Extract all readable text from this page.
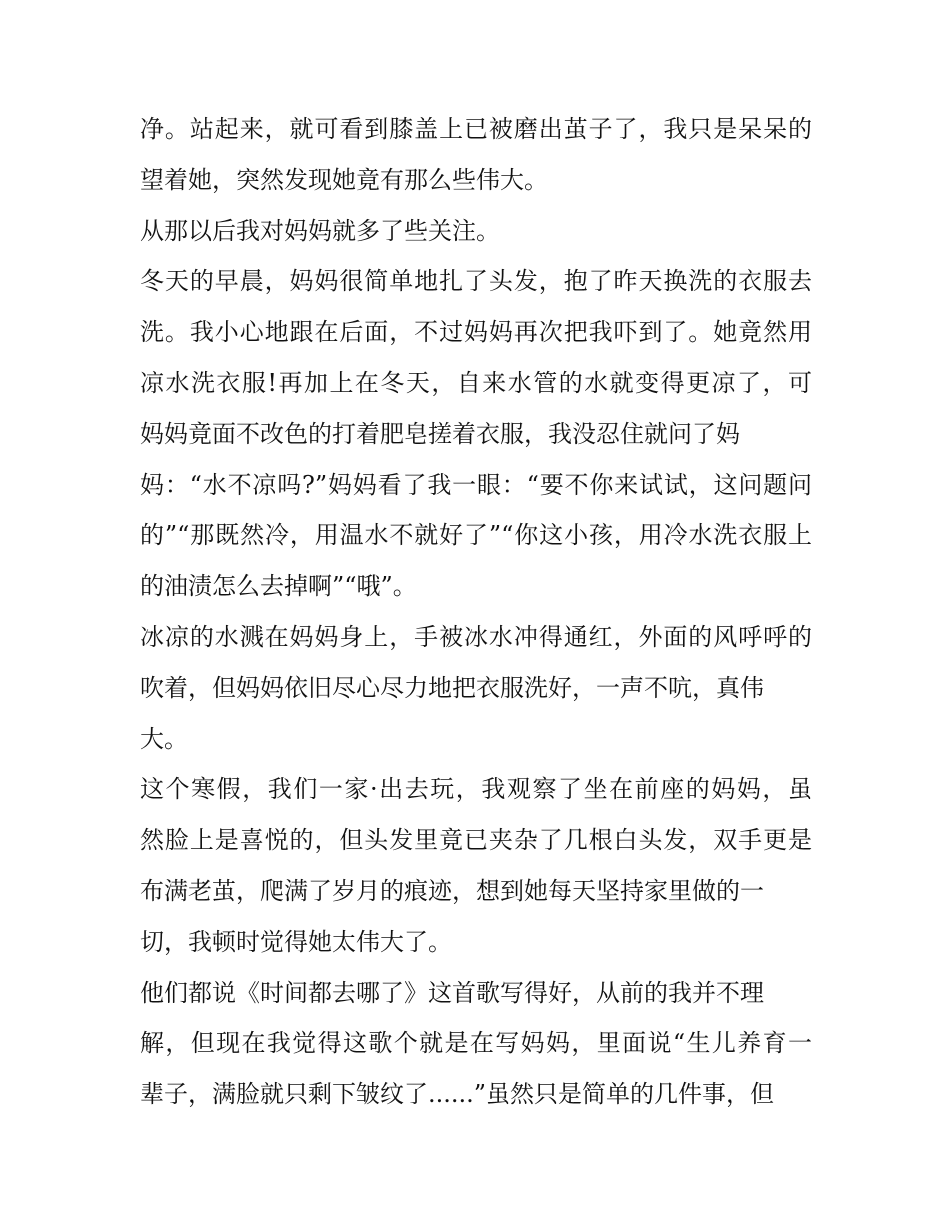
净。站起来，就可看到膝盖上已被磨出茧子了，我只是呆呆的
望着她，突然发现她竟有那么些伟大。
从那以后我对妈妈就多了些关注。
冬天的早晨，妈妈很简单地扎了头发，抱了昨天换洗的衣服去
洗。我小心地跟在后面，不过妈妈再次把我吓到了。她竟然用
凉水洗衣服!再加上在冬天，自来水管的水就变得更凉了，可
妈妈竟面不改色的打着肥皂搓着衣服，我没忍住就问了妈
妈：“水不凉吗?”妈妈看了我一眼：“要不你来试试，这问题问
的”“那既然冷，用温水不就好了”“你这小孩，用冷水洗衣服上
的油渍怎么去掉啊”“哦”。
冰凉的水溅在妈妈身上，手被冰水冲得通红，外面的风呼呼的
吹着，但妈妈依旧尽心尽力地把衣服洗好，一声不吭，真伟
大。
这个寒假，我们一家·出去玩，我观察了坐在前座的妈妈，虽
然脸上是喜悦的，但头发里竟已夹杂了几根白头发，双手更是
布满老茧，爬满了岁月的痕迹，想到她每天坚持家里做的一
切，我顿时觉得她太伟大了。
他们都说《时间都去哪了》这首歌写得好，从前的我并不理
解，但现在我觉得这歌个就是在写妈妈，里面说“生儿养育一
辈子，满脸就只剩下皱纹了......”虽然只是简单的几件事，但
